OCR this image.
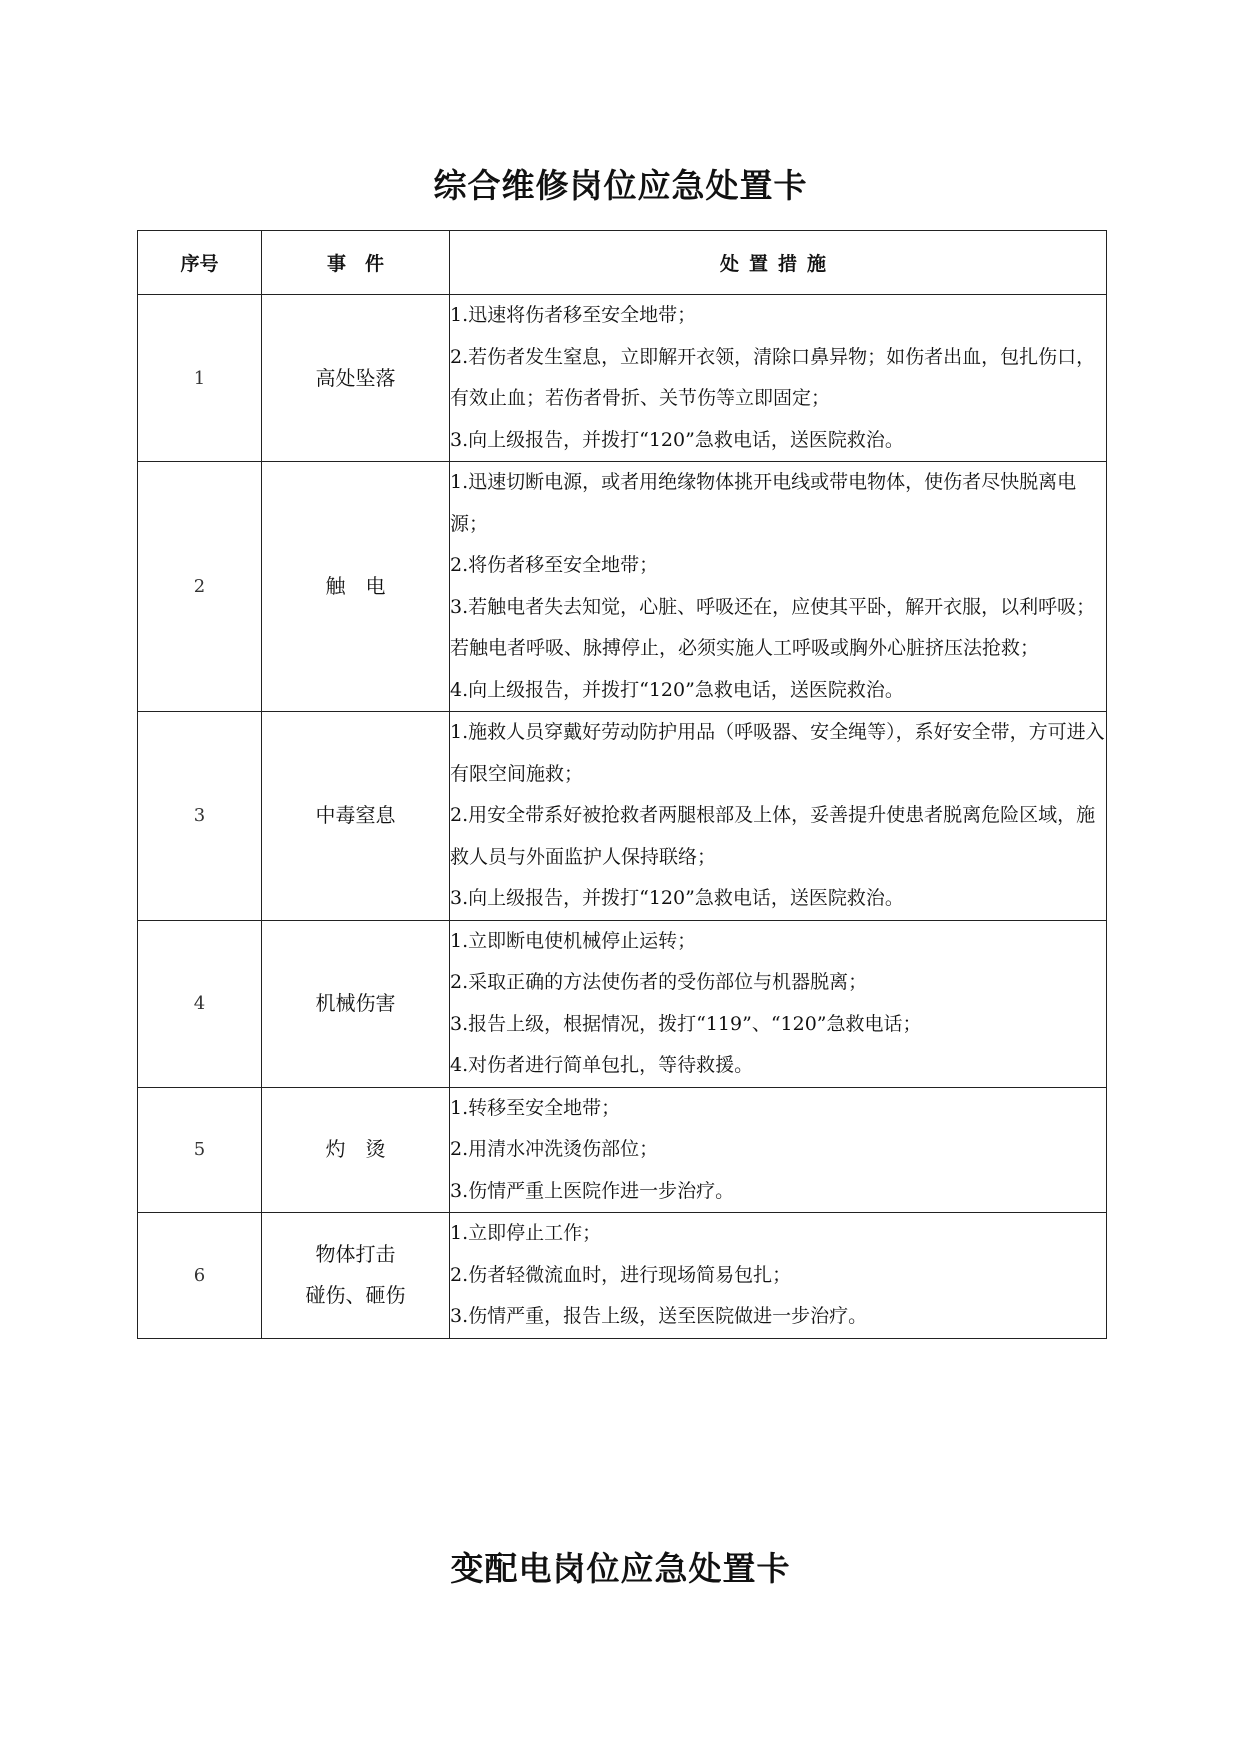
综合维修岗位应急处置卡
序号	事　件	处置措施
1	高处坠落	1.迅速将伤者移至安全地带；
2.若伤者发生窒息，立即解开衣领，清除口鼻异物；如伤者出血，包扎伤口，有效止血；若伤者骨折、关节伤等立即固定；
3.向上级报告，并拨打“120”急救电话，送医院救治。

2	触　电	1.迅速切断电源，或者用绝缘物体挑开电线或带电物体，使伤者尽快脱离电源；
2.将伤者移至安全地带；
3.若触电者失去知觉，心脏、呼吸还在，应使其平卧，解开衣服，以利呼吸；若触电者呼吸、脉搏停止，必须实施人工呼吸或胸外心脏挤压法抢救；
4.向上级报告，并拨打“120”急救电话，送医院救治。

3	中毒窒息	1.施救人员穿戴好劳动防护用品（呼吸器、安全绳等），系好安全带，方可进入有限空间施救；
2.用安全带系好被抢救者两腿根部及上体，妥善提升使患者脱离危险区域，施救人员与外面监护人保持联络；
3.向上级报告，并拨打“120”急救电话，送医院救治。

4	机械伤害	1.立即断电使机械停止运转；
2.采取正确的方法使伤者的受伤部位与机器脱离；
3.报告上级，根据情况，拨打“119”、“120”急救电话；
4.对伤者进行简单包扎，等待救援。

5	灼　烫	1.转移至安全地带；
2.用清水冲洗烫伤部位；
3.伤情严重上医院作进一步治疗。

6	物体打击
碰伤、砸伤	1.立即停止工作；
2.伤者轻微流血时，进行现场简易包扎；
3.伤情严重，报告上级，送至医院做进一步治疗。
变配电岗位应急处置卡
